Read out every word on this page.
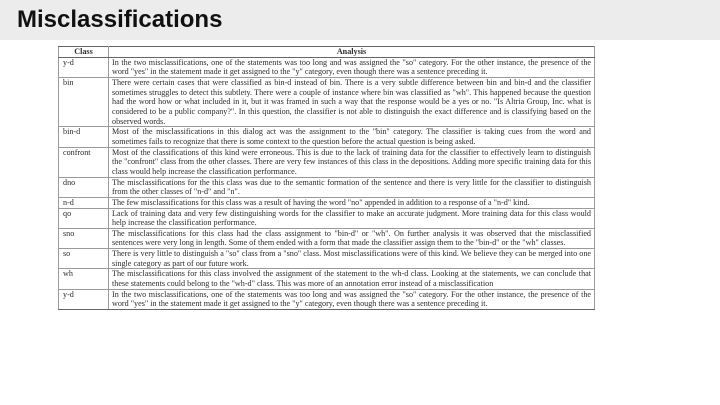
Misclassifications
Class	Analysis
y-d	In the two misclassifications, one of the statements was too long and was assigned the "so" category. For the other instance, the presence of the word "yes" in the statement made it get assigned to the "y" category, even though there was a sentence preceding it.
bin	There were certain cases that were classified as bin-d instead of bin. There is a very subtle difference between bin and bin-d and the classifier sometimes struggles to detect this subtlety. There were a couple of instance where bin was classified as "wh". This happened because the question had the word how or what included in it, but it was framed in such a way that the response would be a yes or no. "Is Altria Group, Inc. what is considered to be a public company?". In this question, the classifier is not able to distinguish the exact difference and is classifying based on the observed words.
bin-d	Most of the misclassifications in this dialog act was the assignment to the "bin" category. The classifier is taking cues from the word and sometimes fails to recognize that there is some context to the question before the actual question is being asked.
confront	Most of the classifications of this kind were erroneous. This is due to the lack of training data for the classifier to effectively learn to distinguish the "confront" class from the other classes. There are very few instances of this class in the depositions. Adding more specific training data for this class would help increase the classification performance.
dno	The misclassifications for the this class was due to the semantic formation of the sentence and there is very little for the classifier to distinguish from the other classes of "n-d" and "n".
n-d	The few misclassifications for this class was a result of having the word "no" appended in addition to a response of a "n-d" kind.
qo	Lack of training data and very few distinguishing words for the classifier to make an accurate judgment. More training data for this class would help increase the classification performance.
sno	The misclassifications for this class had the class assignment to "bin-d" or "wh". On further analysis it was observed that the misclassified sentences were very long in length. Some of them ended with a form that made the classifier assign them to the "bin-d" or the "wh" classes.
so	There is very little to distinguish a "so" class from a "sno" class. Most misclassifications were of this kind. We believe they can be merged into one single category as part of our future work.
wh	The misclassifications for this class involved the assignment of the statement to the wh-d class. Looking at the statements, we can conclude that these statements could belong to the "wh-d" class. This was more of an annotation error instead of a misclassification
y-d	In the two misclassifications, one of the statements was too long and was assigned the "so" category. For the other instance, the presence of the word "yes" in the statement made it get assigned to the "y" category, even though there was a sentence preceding it.
